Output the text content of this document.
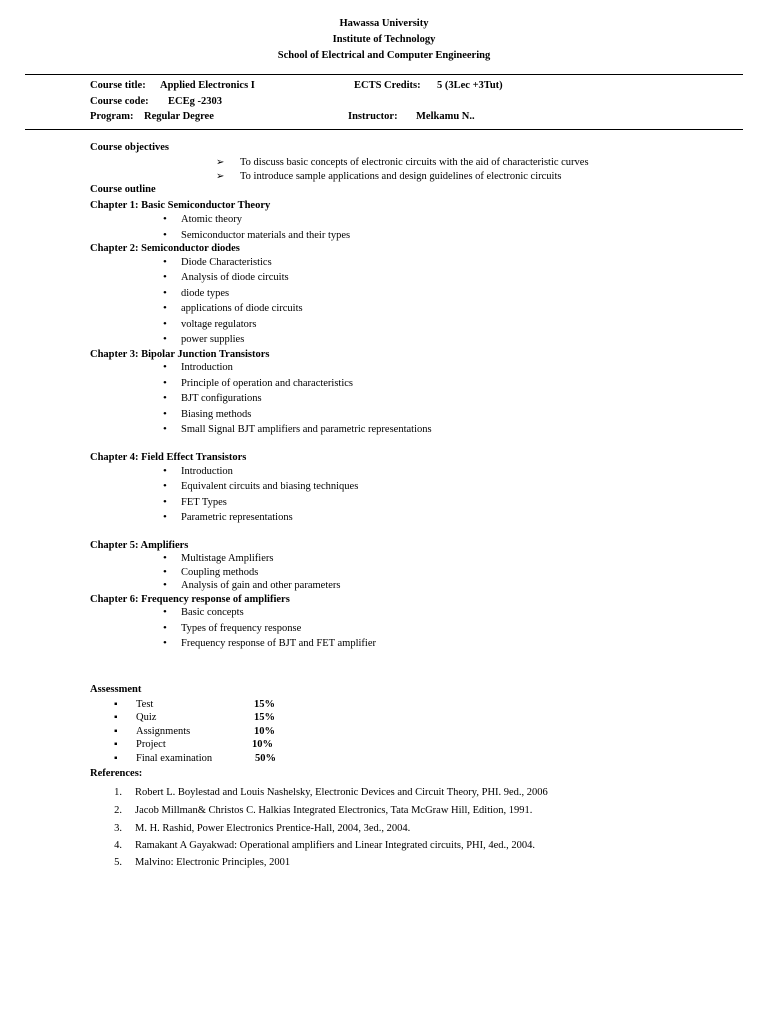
Hawassa University
Institute of Technology
School of Electrical and Computer Engineering
Course title: Applied Electronics I	ECTS Credits: 5 (3Lec +3Tut)
Course code: ECEg -2303
Program: Regular Degree	Instructor: Melkamu N..
Course objectives
➢ To discuss basic concepts of electronic circuits with the aid of characteristic curves
➢ To introduce sample applications and design guidelines of electronic circuits
Course outline
Chapter 1: Basic Semiconductor Theory
• Atomic theory
• Semiconductor materials and their types
Chapter 2: Semiconductor diodes
• Diode Characteristics
• Analysis of diode circuits
• diode types
• applications of diode circuits
• voltage regulators
• power supplies
Chapter 3: Bipolar Junction Transistors
• Introduction
• Principle of operation and characteristics
• BJT configurations
• Biasing methods
• Small Signal BJT amplifiers and parametric representations
Chapter 4: Field Effect Transistors
• Introduction
• Equivalent circuits and biasing techniques
• FET Types
• Parametric representations
Chapter 5: Amplifiers
• Multistage Amplifiers
• Coupling methods
• Analysis of gain and other parameters
Chapter 6: Frequency response of amplifiers
• Basic concepts
• Types of frequency response
• Frequency response of BJT and FET amplifier
Assessment
▪ Test	15%
▪ Quiz	15%
▪ Assignments	10%
▪ Project	10%
▪ Final examination	50%
References:
1. Robert L. Boylestad and Louis Nashelsky, Electronic Devices and Circuit Theory, PHI. 9ed., 2006
2. Jacob Millman& Christos C. Halkias Integrated Electronics, Tata McGraw Hill, Edition, 1991.
3. M. H. Rashid, Power Electronics Prentice-Hall, 2004, 3ed., 2004.
4. Ramakant A Gayakwad: Operational amplifiers and Linear Integrated circuits, PHI, 4ed., 2004.
5. Malvino: Electronic Principles, 2001
